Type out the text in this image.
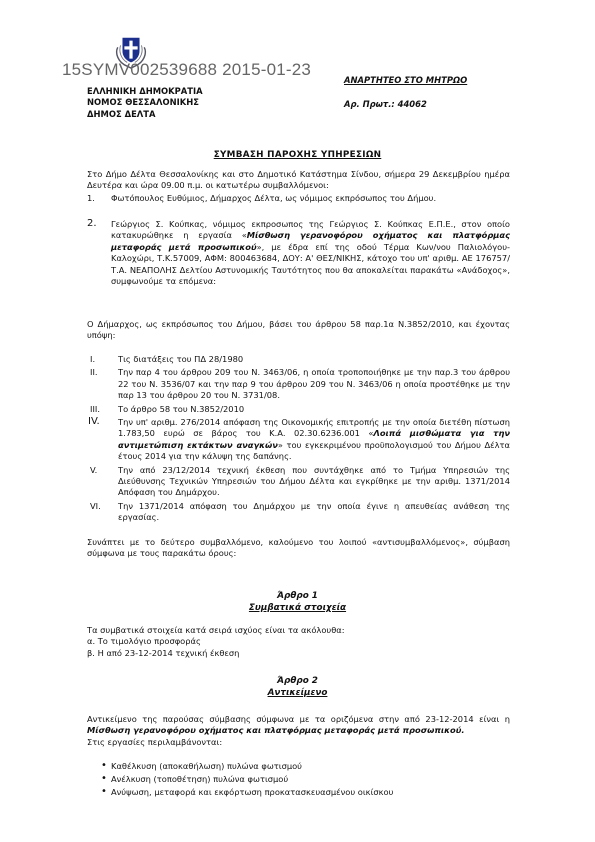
15SYMV002539688 2015-01-23
ΕΛΛΗΝΙΚΗ ΔΗΜΟΚΡΑΤΙΑ
ΝΟΜΟΣ ΘΕΣΣΑΛΟΝΙΚΗΣ
ΔΗΜΟΣ ΔΕΛΤΑ
ΑΝΑΡΤΗΤΕΟ ΣΤΟ ΜΗΤΡΩΟ
Αρ. Πρωτ.: 44062
ΣΥΜΒΑΣΗ ΠΑΡΟΧΗΣ ΥΠΗΡΕΣΙΩΝ
Στο Δήμο Δέλτα Θεσσαλονίκης και στο Δημοτικό Κατάστημα Σίνδου, σήμερα 29 Δεκεμβρίου ημέρα Δευτέρα και ώρα 09.00 π.μ. οι κατωτέρω συμβαλλόμενοι:
1. Φωτόπουλος Ευθύμιος, Δήμαρχος Δέλτα, ως νόμιμος εκπρόσωπος του Δήμου.
2. Γεώργιος Σ. Κούπκας, νόμιμος εκπρoσωπος της Γεώργιος Σ. Κούπκας Ε.Π.Ε., στον οποίο κατακυρώθηκε η εργασία «Μίσθωση γερανοφόρου οχήματος και πλατφόρμας μεταφοράς μετά προσωπικού», με έδρα επί της οδού Τέρμα Κων/νου Παλιολόγου- Καλοχώρι, Τ.Κ.57009, ΑΦΜ: 800463684, ΔΟΥ: Α' ΘΕΣ/ΝΙΚΗΣ, κάτοχο του υπ' αριθμ. ΑΕ 176757/Τ.Α. ΝΕΑΠΟΛΗΣ Δελτίου Αστυνομικής Ταυτότητος που θα αποκαλείται παρακάτω «Ανάδοχος», συμφωνούμε τα επόμενα:
Ο Δήμαρχος, ως εκπρόσωπος του Δήμου, βάσει του άρθρου 58 παρ.1α Ν.3852/2010, και έχοντας υπόψη:
I.	Τις διατάξεις του ΠΔ 28/1980
II. Την παρ 4 του άρθρου 209 του Ν. 3463/06, η οποία τροποποιήθηκε με την παρ.3 του άρθρου 22 του Ν. 3536/07 και την παρ 9 του άρθρου 209 του Ν. 3463/06 η οποία προστέθηκε με την παρ 13 του άρθρου 20 του Ν. 3731/08.
III. Το άρθρο 58 του Ν.3852/2010
IV. Την υπ' αριθμ. 276/2014 απόφαση της Οικονομικής επιτροπής με την οποία διετέθη πίστωση 1.783,50 ευρώ σε βάρος του Κ.Α. 02.30.6236.001 «Λοιπά μισθώματα για την αντιμετώπιση εκτάκτων αναγκών» του εγκεκριμένου προϋπολογισμού του Δήμου Δέλτα έτους 2014 για την κάλυψη της δαπάνης.
V.	Την από 23/12/2014 τεχνική έκθεση που συντάχθηκε από το Τμήμα Υπηρεσιών της Διεύθυνσης Τεχνικών Υπηρεσιών του Δήμου Δέλτα και εγκρίθηκε με την αριθμ. 1371/2014 Απόφαση του Δημάρχου.
VI. Την 1371/2014 απόφαση του Δημάρχου με την οποία έγινε η απευθείας ανάθεση της εργασίας.
Συνάπτει με το δεύτερο συμβαλλόμενο, καλούμενο του λοιπού «αντισυμβαλλόμενος», σύμβαση σύμφωνα με τους παρακάτω όρους:
Άρθρο 1
Συμβατικά στοιχεία
Τα συμβατικά στοιχεία κατά σειρά ισχύος είναι τα ακόλουθα:
α. Το τιμολόγιο προσφοράς
β. Η από 23-12-2014 τεχνική έκθεση
Άρθρο 2
Αντικείμενο
Αντικείμενο της παρούσας σύμβασης σύμφωνα με τα οριζόμενα στην από 23-12-2014 είναι η Μίσθωση γερανοφόρου οχήματος και πλατφόρμας μεταφοράς μετά προσωπικού.
Στις εργασίες περιλαμβάνονται:
• Καθέλκυση (αποκαθήλωση) πυλώνα φωτισμού
• Ανέλκυση (τοποθέτηση) πυλώνα φωτισμού
• Ανύψωση, μεταφορά και εκφόρτωση προκατασκευασμένου οικίσκου
